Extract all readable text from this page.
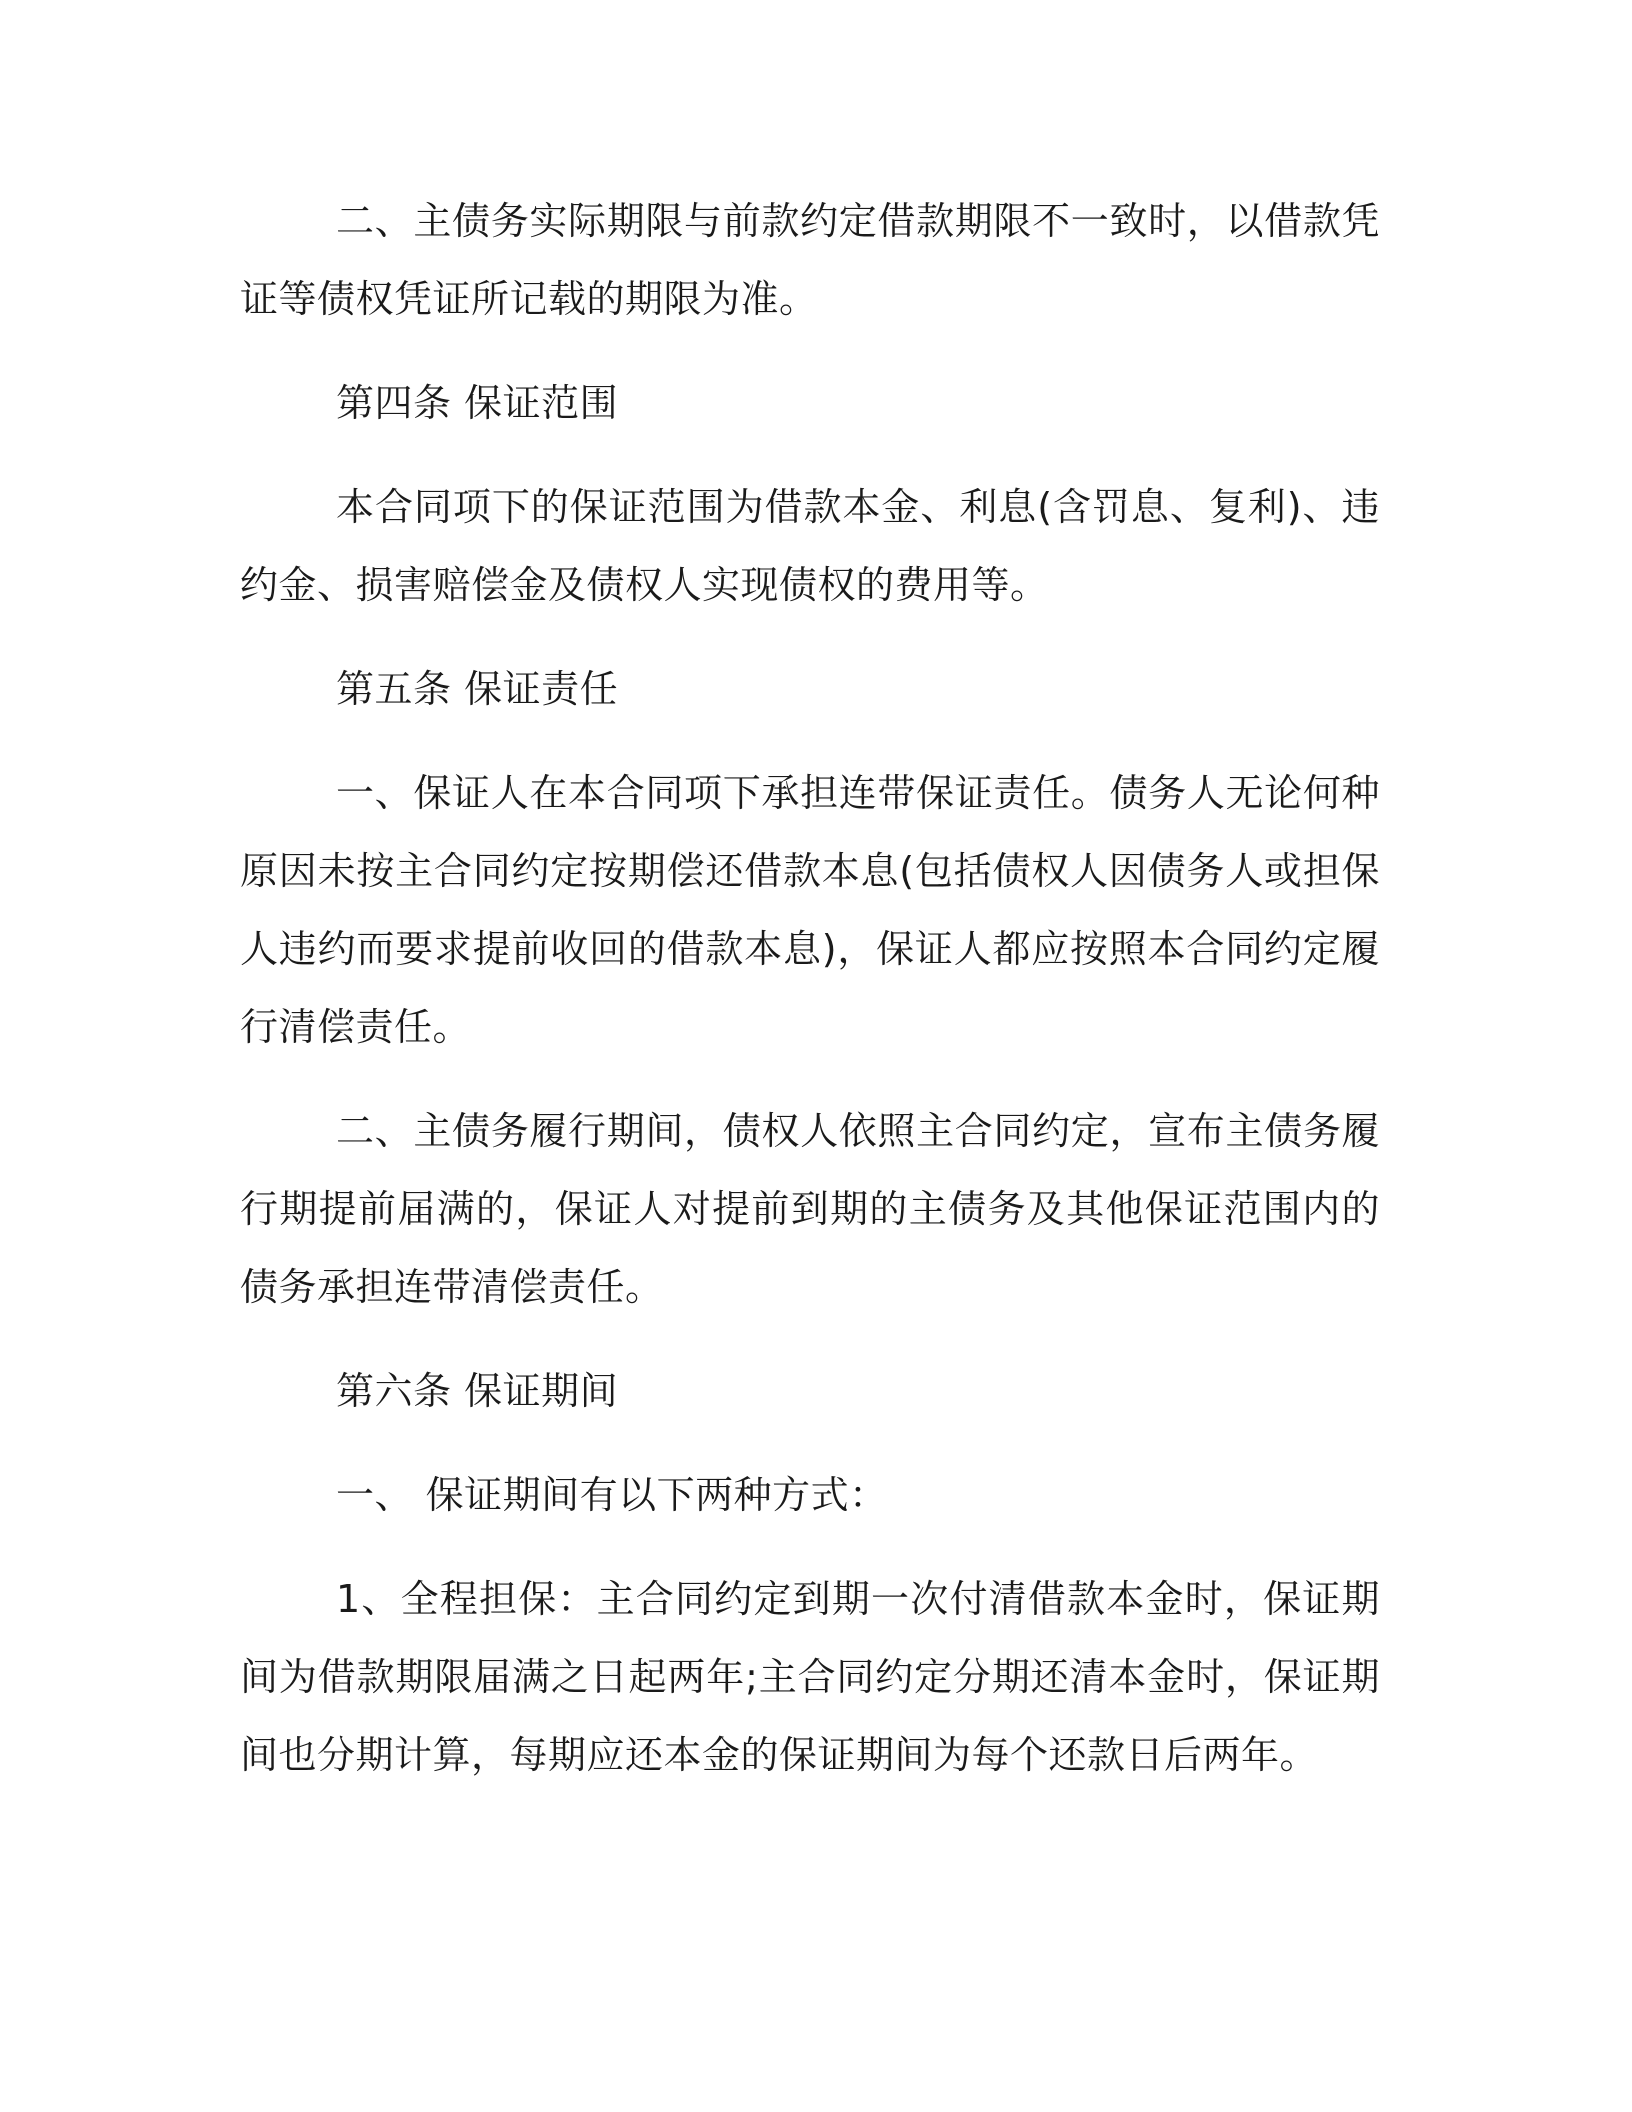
二、主债务实际期限与前款约定借款期限不一致时，以借款凭证等债权凭证所记载的期限为准。

第四条 保证范围

本合同项下的保证范围为借款本金、利息(含罚息、复利)、违约金、损害赔偿金及债权人实现债权的费用等。

第五条 保证责任

一、保证人在本合同项下承担连带保证责任。债务人无论何种原因未按主合同约定按期偿还借款本息(包括债权人因债务人或担保人违约而要求提前收回的借款本息)，保证人都应按照本合同约定履行清偿责任。

二、主债务履行期间，债权人依照主合同约定，宣布主债务履行期提前届满的，保证人对提前到期的主债务及其他保证范围内的债务承担连带清偿责任。

第六条 保证期间

一、 保证期间有以下两种方式：

1、全程担保：主合同约定到期一次付清借款本金时，保证期间为借款期限届满之日起两年;主合同约定分期还清本金时，保证期间也分期计算，每期应还本金的保证期间为每个还款日后两年。
